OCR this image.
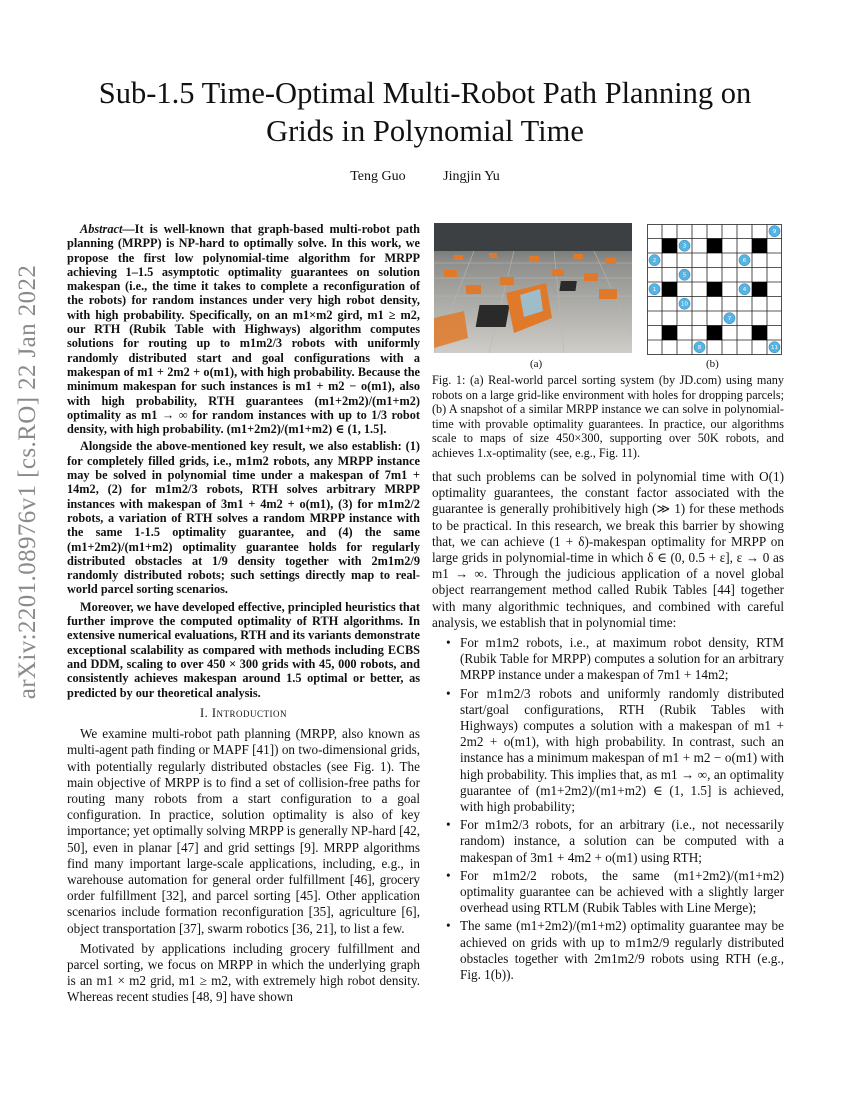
arXiv:2201.08976v1 [cs.RO] 22 Jan 2022
Sub-1.5 Time-Optimal Multi-Robot Path Planning on Grids in Polynomial Time
Teng Guo	Jingjin Yu

Abstract—It is well-known that graph-based multi-robot path planning (MRPP) is NP-hard to optimally solve. In this work, we propose the first low polynomial-time algorithm for MRPP achieving 1–1.5 asymptotic optimality guarantees on solution makespan (i.e., the time it takes to complete a reconfiguration of the robots) for random instances under very high robot density, with high probability. Specifically, on an m1×m2 gird, m1 ≥ m2, our RTH (Rubik Table with Highways) algorithm computes solutions for routing up to m1m2/3 robots with uniformly randomly distributed start and goal configurations with a makespan of m1 + 2m2 + o(m1), with high probability. Because the minimum makespan for such instances is m1 + m2 − o(m1), also with high probability, RTH guarantees (m1+2m2)/(m1+m2) optimality as m1 → ∞ for random instances with up to 1/3 robot density, with high probability. (m1+2m2)/(m1+m2) ∈ (1, 1.5].

Alongside the above-mentioned key result, we also establish: (1) for completely filled grids, i.e., m1m2 robots, any MRPP instance may be solved in polynomial time under a makespan of 7m1 + 14m2, (2) for m1m2/3 robots, RTH solves arbitrary MRPP instances with makespan of 3m1 + 4m2 + o(m1), (3) for m1m2/2 robots, a variation of RTH solves a random MRPP instance with the same 1-1.5 optimality guarantee, and (4) the same (m1+2m2)/(m1+m2) optimality guarantee holds for regularly distributed obstacles at 1/9 density together with 2m1m2/9 randomly distributed robots; such settings directly map to real-world parcel sorting scenarios.

Moreover, we have developed effective, principled heuristics that further improve the computed optimality of RTH algorithms. In extensive numerical evaluations, RTH and its variants demonstrate exceptional scalability as compared with methods including ECBS and DDM, scaling to over 450 × 300 grids with 45, 000 robots, and consistently achieves makespan around 1.5 optimal or better, as predicted by our theoretical analysis.

I. Introduction

We examine multi-robot path planning (MRPP, also known as multi-agent path finding or MAPF [41]) on two-dimensional grids, with potentially regularly distributed obstacles (see Fig. 1). The main objective of MRPP is to find a set of collision-free paths for routing many robots from a start configuration to a goal configuration. In practice, solution optimality is also of key importance; yet optimally solving MRPP is generally NP-hard [42, 50], even in planar [47] and grid settings [9]. MRPP algorithms find many important large-scale applications, including, e.g., in warehouse automation for general order fulfillment [46], grocery order fulfillment [32], and parcel sorting [45]. Other application scenarios include formation reconfiguration [35], agriculture [6], object transportation [37], swarm robotics [36, 21], to list a few.

Motivated by applications including grocery fulfillment and parcel sorting, we focus on MRPP in which the underlying graph is an m1 × m2 grid, m1 ≥ m2, with extremely high robot density. Whereas recent studies [48, 9] have shown

(a)
3
2
9
6
5
1	4
10
8
7
11
(b)
Fig. 1: (a) Real-world parcel sorting system (by JD.com) using many robots on a large grid-like environment with holes for dropping parcels; (b) A snapshot of a similar MRPP instance we can solve in polynomial-time with provable optimality guarantees. In practice, our algorithms scale to maps of size 450×300, supporting over 50K robots, and achieves 1.x-optimality (see, e.g., Fig. 11).

that such problems can be solved in polynomial time with O(1) optimality guarantees, the constant factor associated with the guarantee is generally prohibitively high (≫ 1) for these methods to be practical. In this research, we break this barrier by showing that, we can achieve (1 + δ)-makespan optimality for MRPP on large grids in polynomial-time in which δ ∈ (0, 0.5 + ε], ε → 0 as m1 → ∞. Through the judicious application of a novel global object rearrangement method called Rubik Tables [44] together with many algorithmic techniques, and combined with careful analysis, we establish that in polynomial time:

• For m1m2 robots, i.e., at maximum robot density, RTM (Rubik Table for MRPP) computes a solution for an arbitrary MRPP instance under a makespan of 7m1 + 14m2;
• For m1m2/3 robots and uniformly randomly distributed start/goal configurations, RTH (Rubik Tables with Highways) computes a solution with a makespan of m1 + 2m2 + o(m1), with high probability. In contrast, such an instance has a minimum makespan of m1 + m2 − o(m1) with high probability. This implies that, as m1 → ∞, an optimality guarantee of (m1+2m2)/(m1+m2) ∈ (1, 1.5] is achieved, with high probability;
• For m1m2/3 robots, for an arbitrary (i.e., not necessarily random) instance, a solution can be computed with a makespan of 3m1 + 4m2 + o(m1) using RTH;
• For m1m2/2 robots, the same (m1+2m2)/(m1+m2) optimality guarantee can be achieved with a slightly larger overhead using RTLM (Rubik Tables with Line Merge);
• The same (m1+2m2)/(m1+m2) optimality guarantee may be achieved on grids with up to m1m2/9 regularly distributed obstacles together with 2m1m2/9 robots using RTH (e.g., Fig. 1(b)).
